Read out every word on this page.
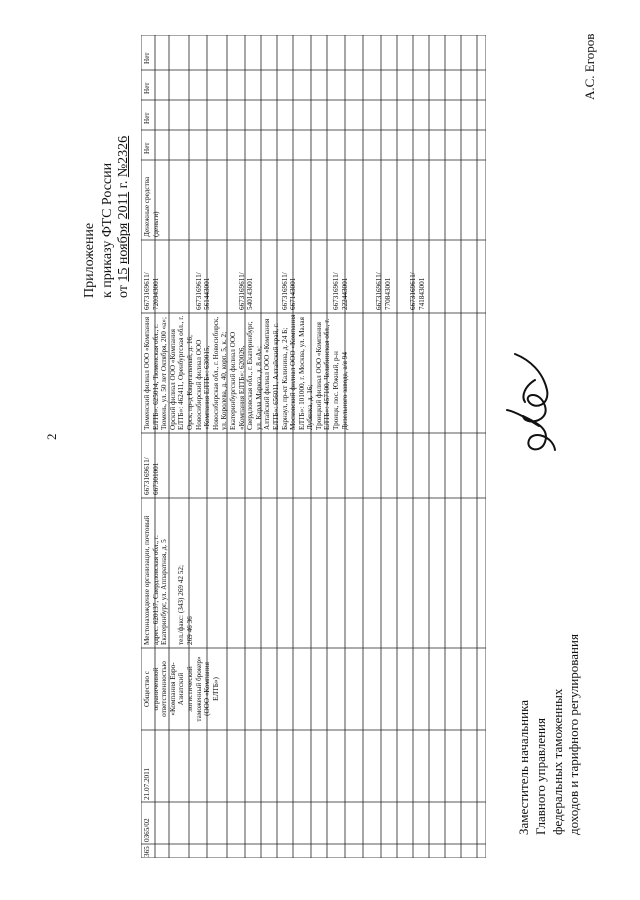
2
Приложение к приказу ФТС России от 15 ноября 2011 г. №2326
365
0365/02
21.07.2011
Общество с ограниченной ответственностью «Компания Евро-Азиатский логистический таможенный брокер» (ООО «Компания ЕЛТБ»)
Местонахождение организации, почтовый адрес: 620137, Свердловская обл., г. Екатеринбург, ул. Аппаратная, д. 5

тел./факс: (343) 269 42 52;
269 46 36
6673169611/
667301001
Тюменский филиал ООО «Компания ЕЛТБ»: 625014, Тюменская обл., г. Тюмень, ул. 50 лет Октября, 200 «а»;
Орский филиал ООО «Компания ЕЛТБ»: 462411, Оренбургская обл., г. Орск, пр-д Квартальный, д. 16;
Новосибирский филиал ООО «Компания ЕЛТБ»: 630015, Новосибирская обл., г. Новосибирск, ул. Королева, д. 40, корп. 5, к. 2;
Екатеринбургский филиал ООО «Компания ЕЛТБ»: 620026, Свердловская обл., г. Екатеринбург, ул. Карла Маркса, д. 8 «А»;
Алтайский филиал ООО «Компания ЕЛТБ»: 656011, Алтайский край, г. Барнаул, пр-кт Калинина, д. 24 Б;
Московский филиал ООО «Компания ЕЛТБ»: 101000, г. Москва, ул. Малая Лубянка, д. 16;
Троицкий филиал ООО «Компания ЕЛТБ»: 457100, Челябинская обл., г. Троицк, пос. Южный, р-н Дизельного завода, а/я 94
6673169611/
720343001

6673169611/
561443001

6673169611/
540143001

6673169611/
667143001

6673169611/
222443001

6673169611/
770843001

6673169611/
741843001
Денежные средства (деньги)
Нет
Нет
Нет
Нет
Заместитель начальника Главного управления федеральных таможенных доходов и тарифного регулирования
А.С. Егоров
